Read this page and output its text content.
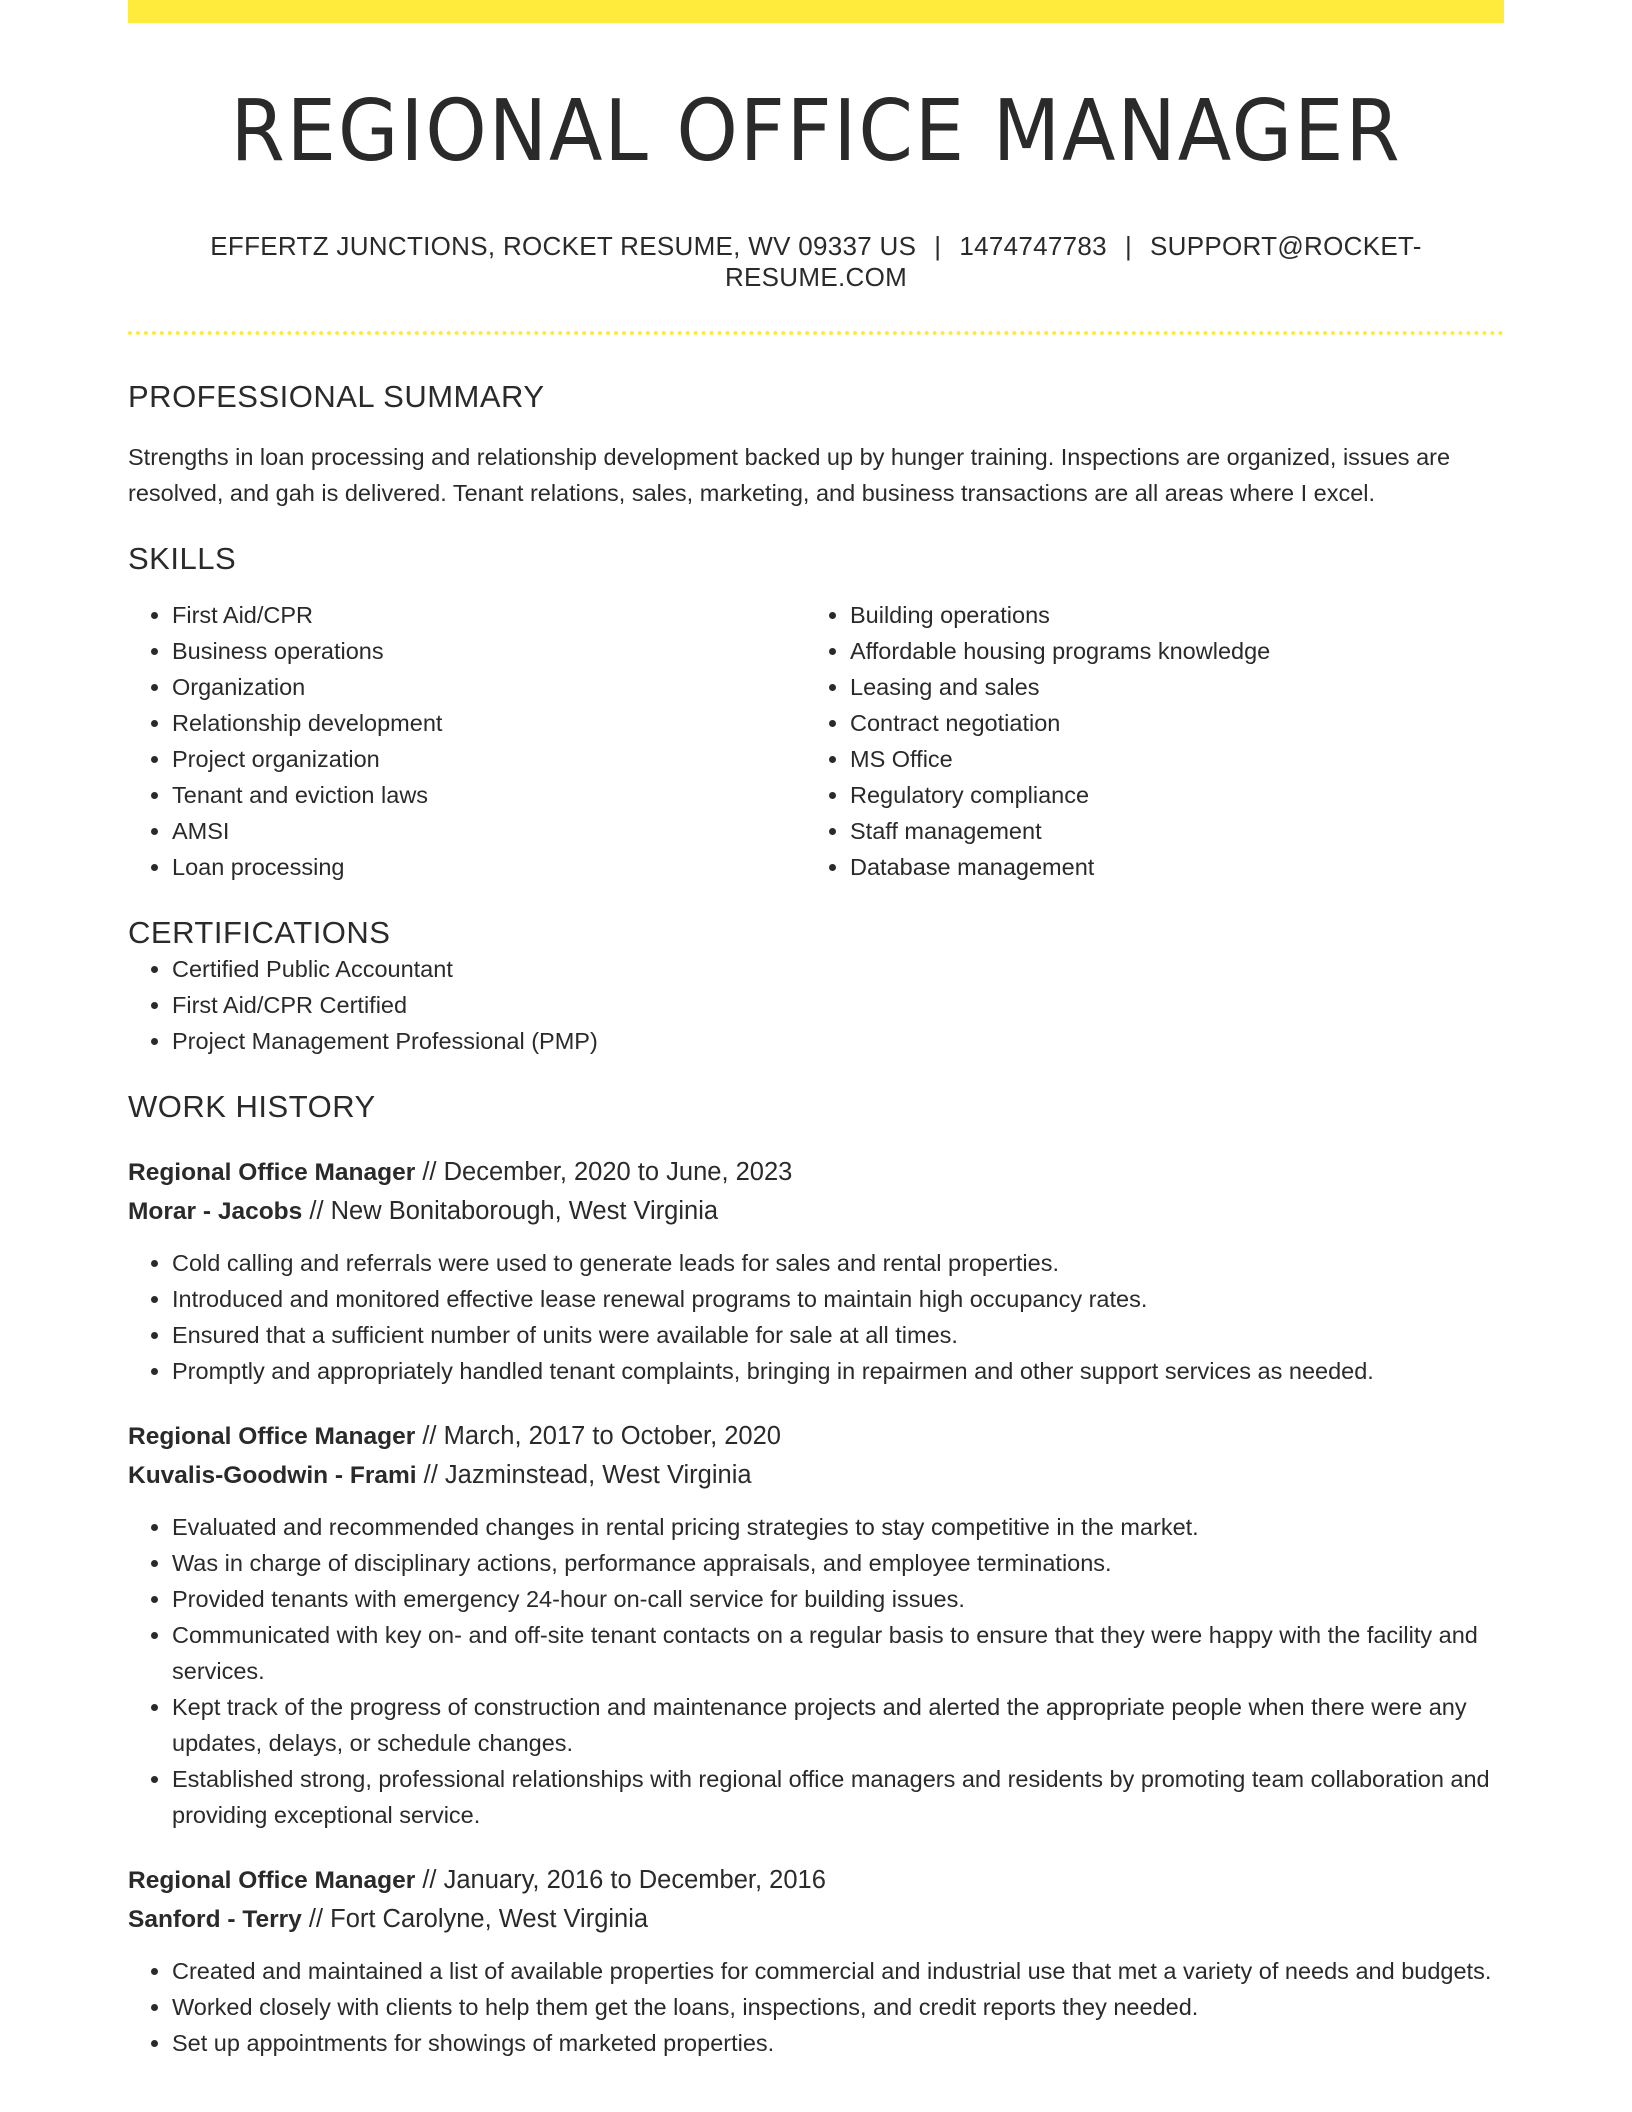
REGIONAL OFFICE MANAGER
EFFERTZ JUNCTIONS, ROCKET RESUME, WV 09337 US | 1474747783 | SUPPORT@ROCKET-RESUME.COM
PROFESSIONAL SUMMARY
Strengths in loan processing and relationship development backed up by hunger training. Inspections are organized, issues are resolved, and gah is delivered. Tenant relations, sales, marketing, and business transactions are all areas where I excel.
SKILLS
• First Aid/CPR
• Business operations
• Organization
• Relationship development
• Project organization
• Tenant and eviction laws
• AMSI
• Loan processing
• Building operations
• Affordable housing programs knowledge
• Leasing and sales
• Contract negotiation
• MS Office
• Regulatory compliance
• Staff management
• Database management
CERTIFICATIONS
• Certified Public Accountant
• First Aid/CPR Certified
• Project Management Professional (PMP)
WORK HISTORY
Regional Office Manager // December, 2020 to June, 2023
Morar - Jacobs // New Bonitaborough, West Virginia
• Cold calling and referrals were used to generate leads for sales and rental properties.
• Introduced and monitored effective lease renewal programs to maintain high occupancy rates.
• Ensured that a sufficient number of units were available for sale at all times.
• Promptly and appropriately handled tenant complaints, bringing in repairmen and other support services as needed.
Regional Office Manager // March, 2017 to October, 2020
Kuvalis-Goodwin - Frami // Jazminstead, West Virginia
• Evaluated and recommended changes in rental pricing strategies to stay competitive in the market.
• Was in charge of disciplinary actions, performance appraisals, and employee terminations.
• Provided tenants with emergency 24-hour on-call service for building issues.
• Communicated with key on- and off-site tenant contacts on a regular basis to ensure that they were happy with the facility and services.
• Kept track of the progress of construction and maintenance projects and alerted the appropriate people when there were any updates, delays, or schedule changes.
• Established strong, professional relationships with regional office managers and residents by promoting team collaboration and providing exceptional service.
Regional Office Manager // January, 2016 to December, 2016
Sanford - Terry // Fort Carolyne, West Virginia
• Created and maintained a list of available properties for commercial and industrial use that met a variety of needs and budgets.
• Worked closely with clients to help them get the loans, inspections, and credit reports they needed.
• Set up appointments for showings of marketed properties.
